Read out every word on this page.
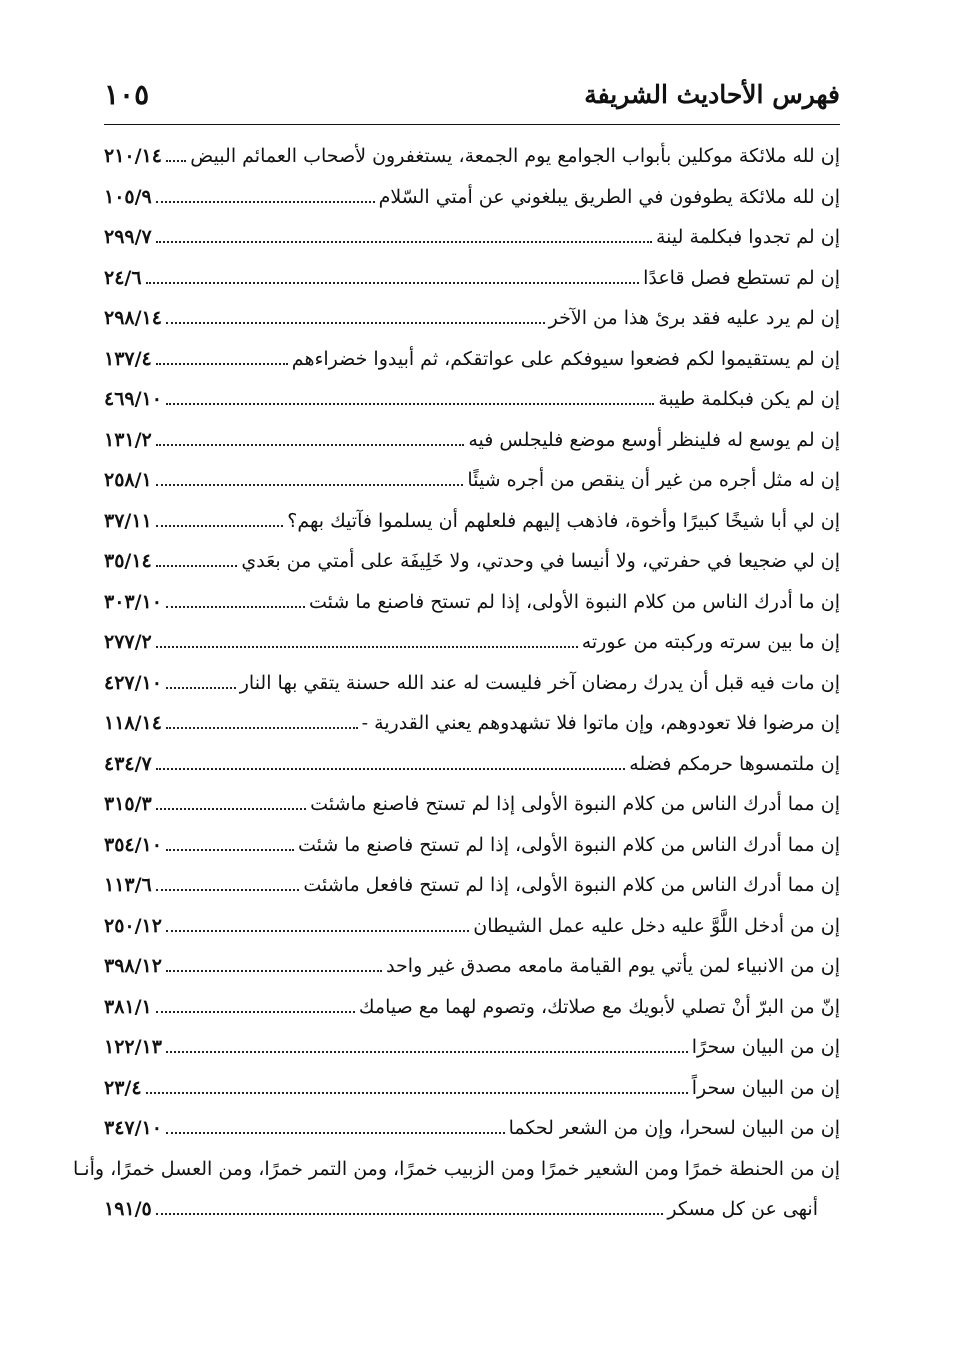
فهرس الأحاديث الشريفة
١٠٥
إن لله ملائكة موكلين بأبواب الجوامع يوم الجمعة، يستغفرون لأصحاب العمائم البيض
٢١٠/١٤
إن لله ملائكة يطوفون في الطريق يبلغوني عن أمتي السّلام
١٠٥/٩
إن لم تجدوا فبكلمة لينة
٢٩٩/٧
إن لم تستطع فصل قاعدًا
٢٤/٦
إن لم يرد عليه فقد برئ هذا من الآخر
٢٩٨/١٤
إن لم يستقيموا لكم فضعوا سيوفكم على عواتقكم، ثم أبيدوا خضراءهم
١٣٧/٤
إن لم يكن فبكلمة طيبة
٤٦٩/١٠
إن لم يوسع له فلينظر أوسع موضع فليجلس فيه
١٣١/٢
إن له مثل أجره من غير أن ينقص من أجره شيئًا
٢٥٨/١
إن لي أبا شيخًا كبيرًا وأخوة، فاذهب إليهم فلعلهم أن يسلموا فآتيك بهم؟
٣٧/١١
إن لي ضجيعا في حفرتي، ولا أنيسا في وحدتي، ولا خَلِيفَة على أمتي من بعَدي
٣٥/١٤
إن ما أدرك الناس من كلام النبوة الأولى، إذا لم تستح فاصنع ما شئت
٣٠٣/١٠
إن ما بين سرته وركبته من عورته
٢٧٧/٢
إن مات فيه قبل أن يدرك رمضان آخر فليست له عند الله حسنة يتقي بها النار
٤٢٧/١٠
إن مرضوا فلا تعودوهم، وإن ماتوا فلا تشهدوهم يعني القدرية -
١١٨/١٤
إن ملتمسوها حرمكم فضله
٤٣٤/٧
إن مما أدرك الناس من كلام النبوة الأولى إذا لم تستح فاصنع ماشئت
٣١٥/٣
إن مما أدرك الناس من كلام النبوة الأولى، إذا لم تستح فاصنع ما شئت
٣٥٤/١٠
إن مما أدرك الناس من كلام النبوة الأولى، إذا لم تستح فافعل ماشئت
١١٣/٦
إن من أدخل اللَّوَّ عليه دخل عليه عمل الشيطان
٢٥٠/١٢
إن من الانبياء لمن يأتي يوم القيامة مامعه مصدق غير واحد
٣٩٨/١٢
إنّ من البرّ أنْ تصلي لأبويك مع صلاتك، وتصوم لهما مع صيامك
٣٨١/١
إن من البيان سحرًا
١٢٢/١٣
إن من البيان سحراً
٢٣/٤
إن من البيان لسحرا، وإن من الشعر لحكما
٣٤٧/١٠
إن من الحنطة خمرًا ومن الشعير خمرًا ومن الزبيب خمرًا، ومن التمر خمرًا، ومن العسل خمرًا، وأنـا
أنهى عن كل مسكر
١٩١/٥
